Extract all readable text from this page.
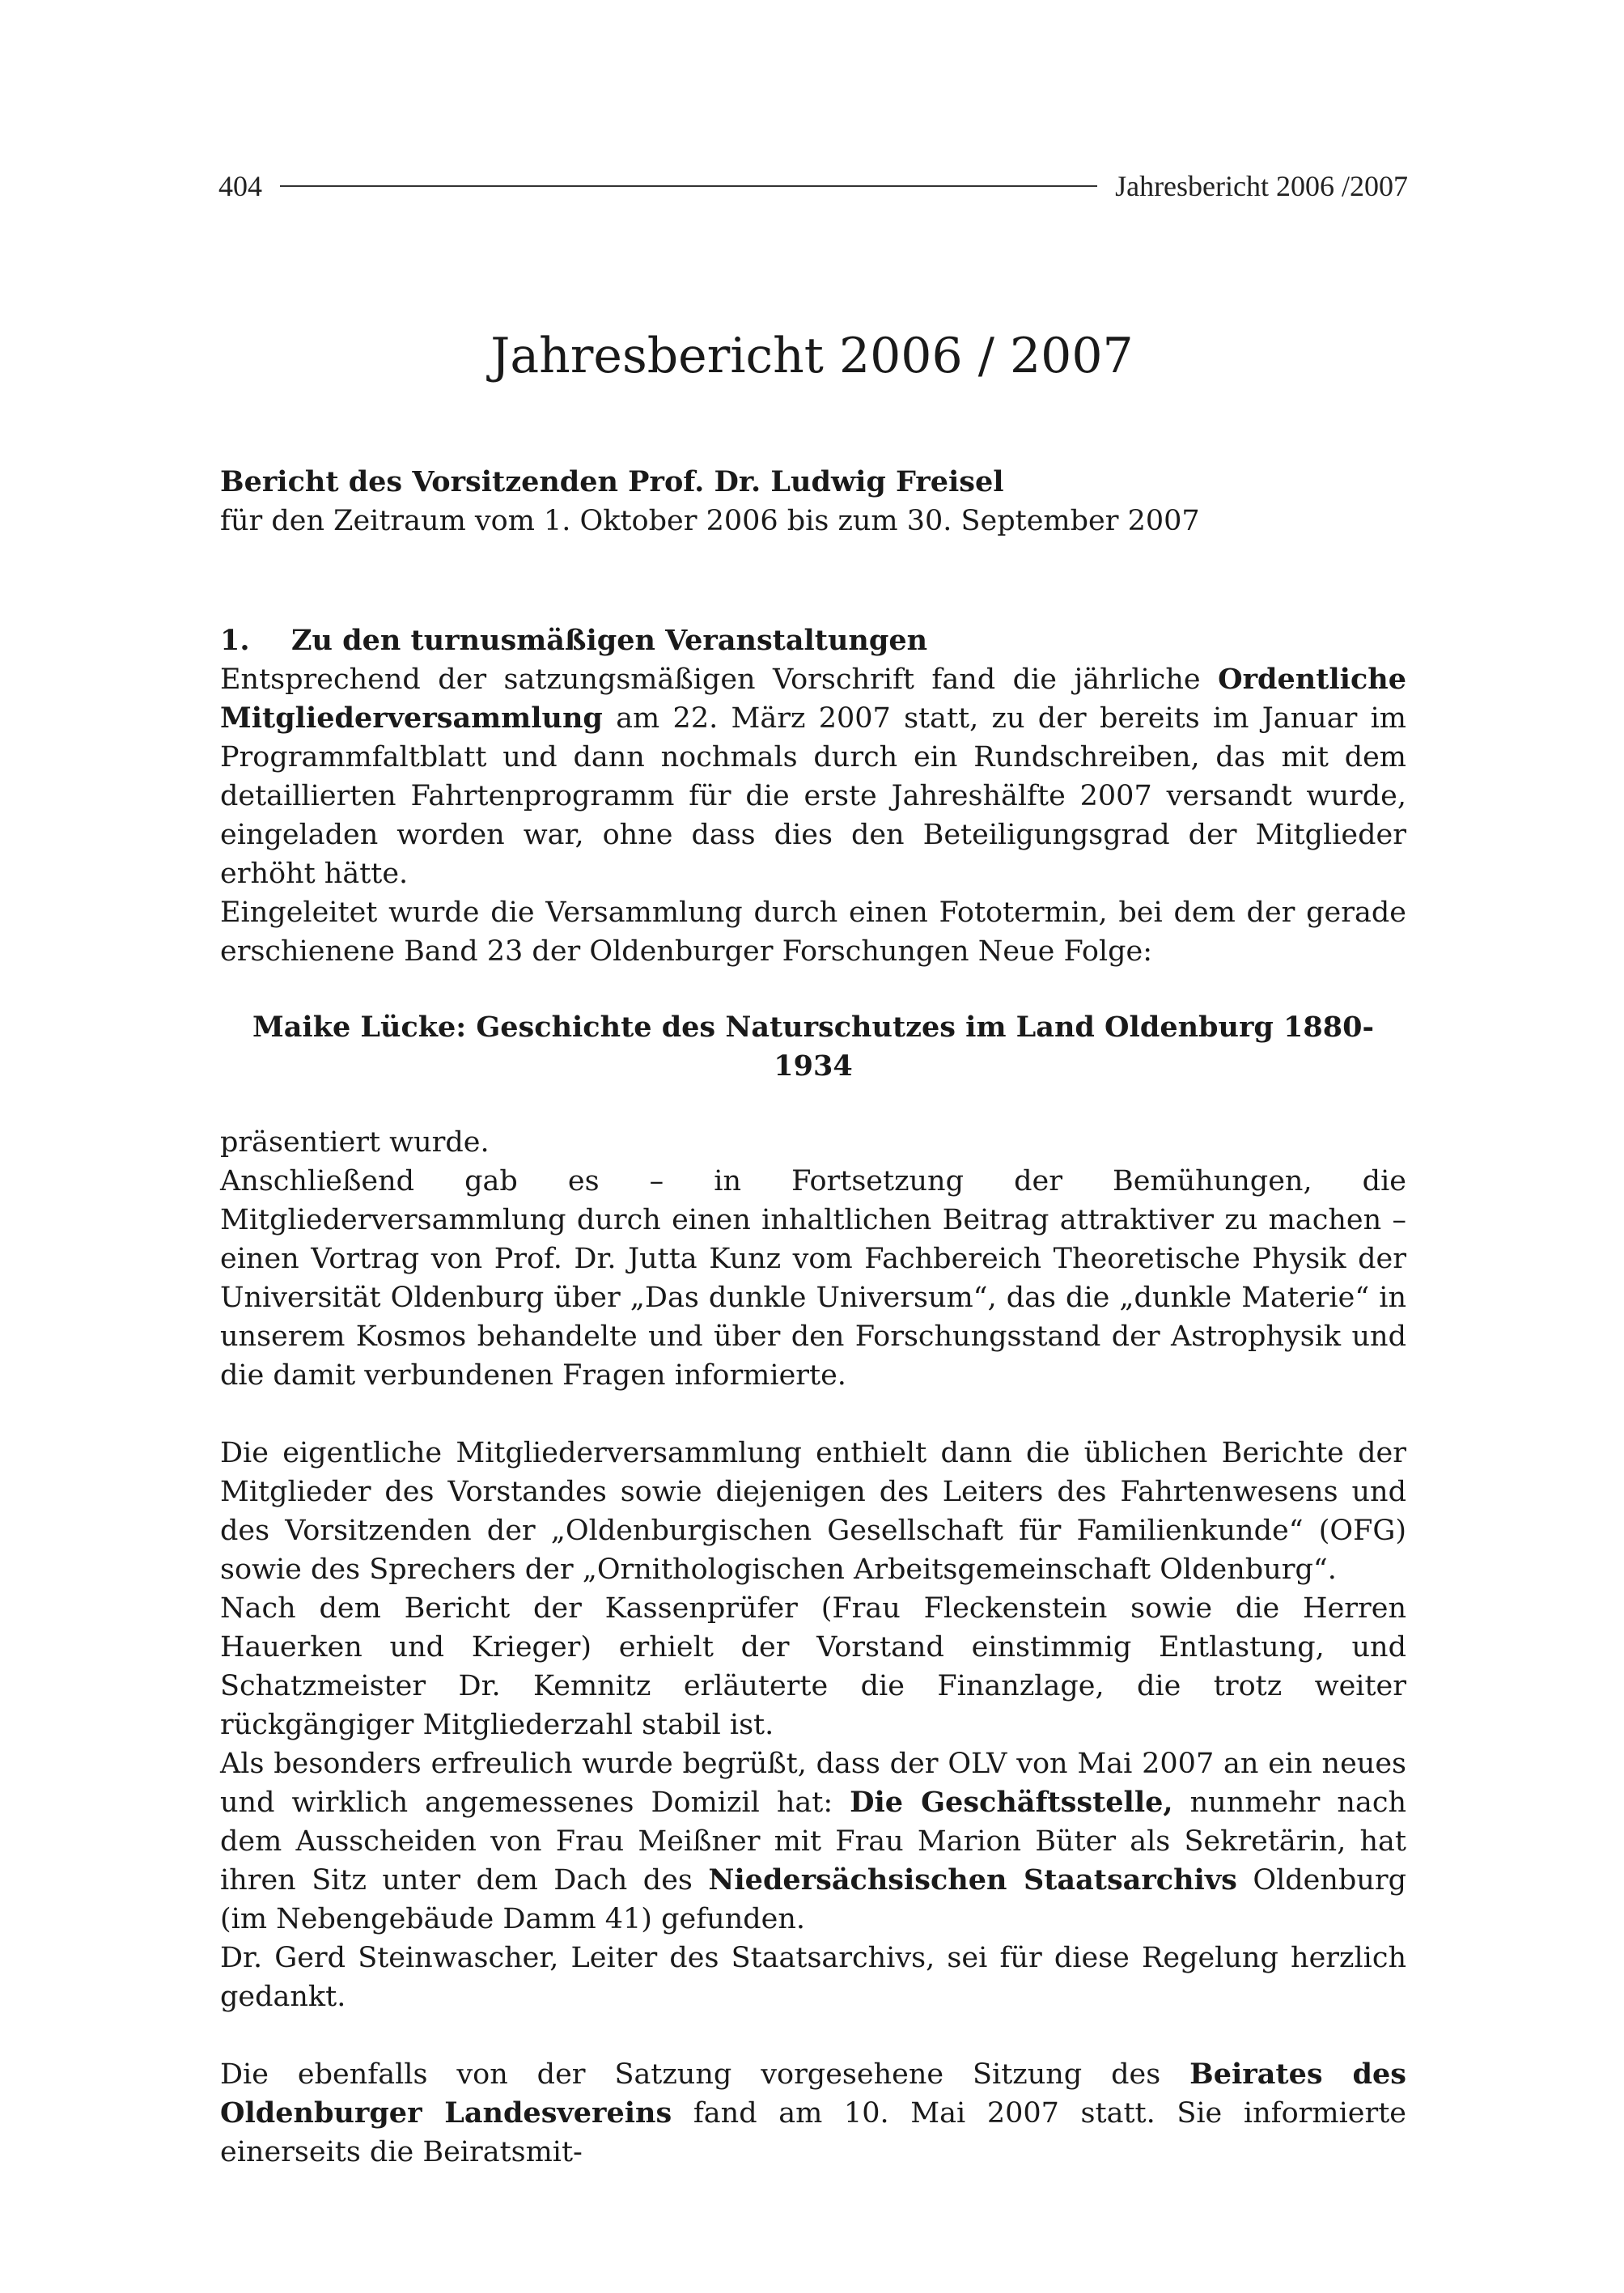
404	Jahresbericht 2006 /2007
Jahresbericht 2006 / 2007

Bericht des Vorsitzenden Prof. Dr. Ludwig Freisel

für den Zeitraum vom 1. Oktober 2006 bis zum 30. September 2007

1.	Zu den turnusmäßigen Veranstaltungen

Entsprechend der satzungsmäßigen Vorschrift fand die jährliche Ordentliche Mitgliederversammlung am 22. März 2007 statt, zu der bereits im Januar im Programmfaltblatt und dann nochmals durch ein Rundschreiben, das mit dem detaillierten Fahrtenprogramm für die erste Jahreshälfte 2007 versandt wurde, eingeladen worden war, ohne dass dies den Beteiligungsgrad der Mitglieder erhöht hätte.

Eingeleitet wurde die Versammlung durch einen Fototermin, bei dem der gerade erschienene Band 23 der Oldenburger Forschungen Neue Folge:

Maike Lücke: Geschichte des Naturschutzes im Land Oldenburg 1880-1934

präsentiert wurde.

Anschließend gab es – in Fortsetzung der Bemühungen, die Mitgliederversammlung durch einen inhaltlichen Beitrag attraktiver zu machen – einen Vortrag von Prof. Dr. Jutta Kunz vom Fachbereich Theoretische Physik der Universität Oldenburg über „Das dunkle Universum“, das die „dunkle Materie“ in unserem Kosmos behandelte und über den Forschungsstand der Astrophysik und die damit verbundenen Fragen informierte.

Die eigentliche Mitgliederversammlung enthielt dann die üblichen Berichte der Mitglieder des Vorstandes sowie diejenigen des Leiters des Fahrtenwesens und des Vorsitzenden der „Oldenburgischen Gesellschaft für Familienkunde“ (OFG) sowie des Sprechers der „Ornithologischen Arbeitsgemeinschaft Oldenburg“.

Nach dem Bericht der Kassenprüfer (Frau Fleckenstein sowie die Herren Hauerken und Krieger) erhielt der Vorstand einstimmig Entlastung, und Schatzmeister Dr. Kemnitz erläuterte die Finanzlage, die trotz weiter rückgängiger Mitgliederzahl stabil ist.

Als besonders erfreulich wurde begrüßt, dass der OLV von Mai 2007 an ein neues und wirklich angemessenes Domizil hat: Die Geschäftsstelle, nunmehr nach dem Ausscheiden von Frau Meißner mit Frau Marion Büter als Sekretärin, hat ihren Sitz unter dem Dach des Niedersächsischen Staatsarchivs Oldenburg (im Nebengebäude Damm 41) gefunden.

Dr. Gerd Steinwascher, Leiter des Staatsarchivs, sei für diese Regelung herzlich gedankt.

Die ebenfalls von der Satzung vorgesehene Sitzung des Beirates des Oldenburger Landesvereins fand am 10. Mai 2007 statt. Sie informierte einerseits die Beiratsmit-
